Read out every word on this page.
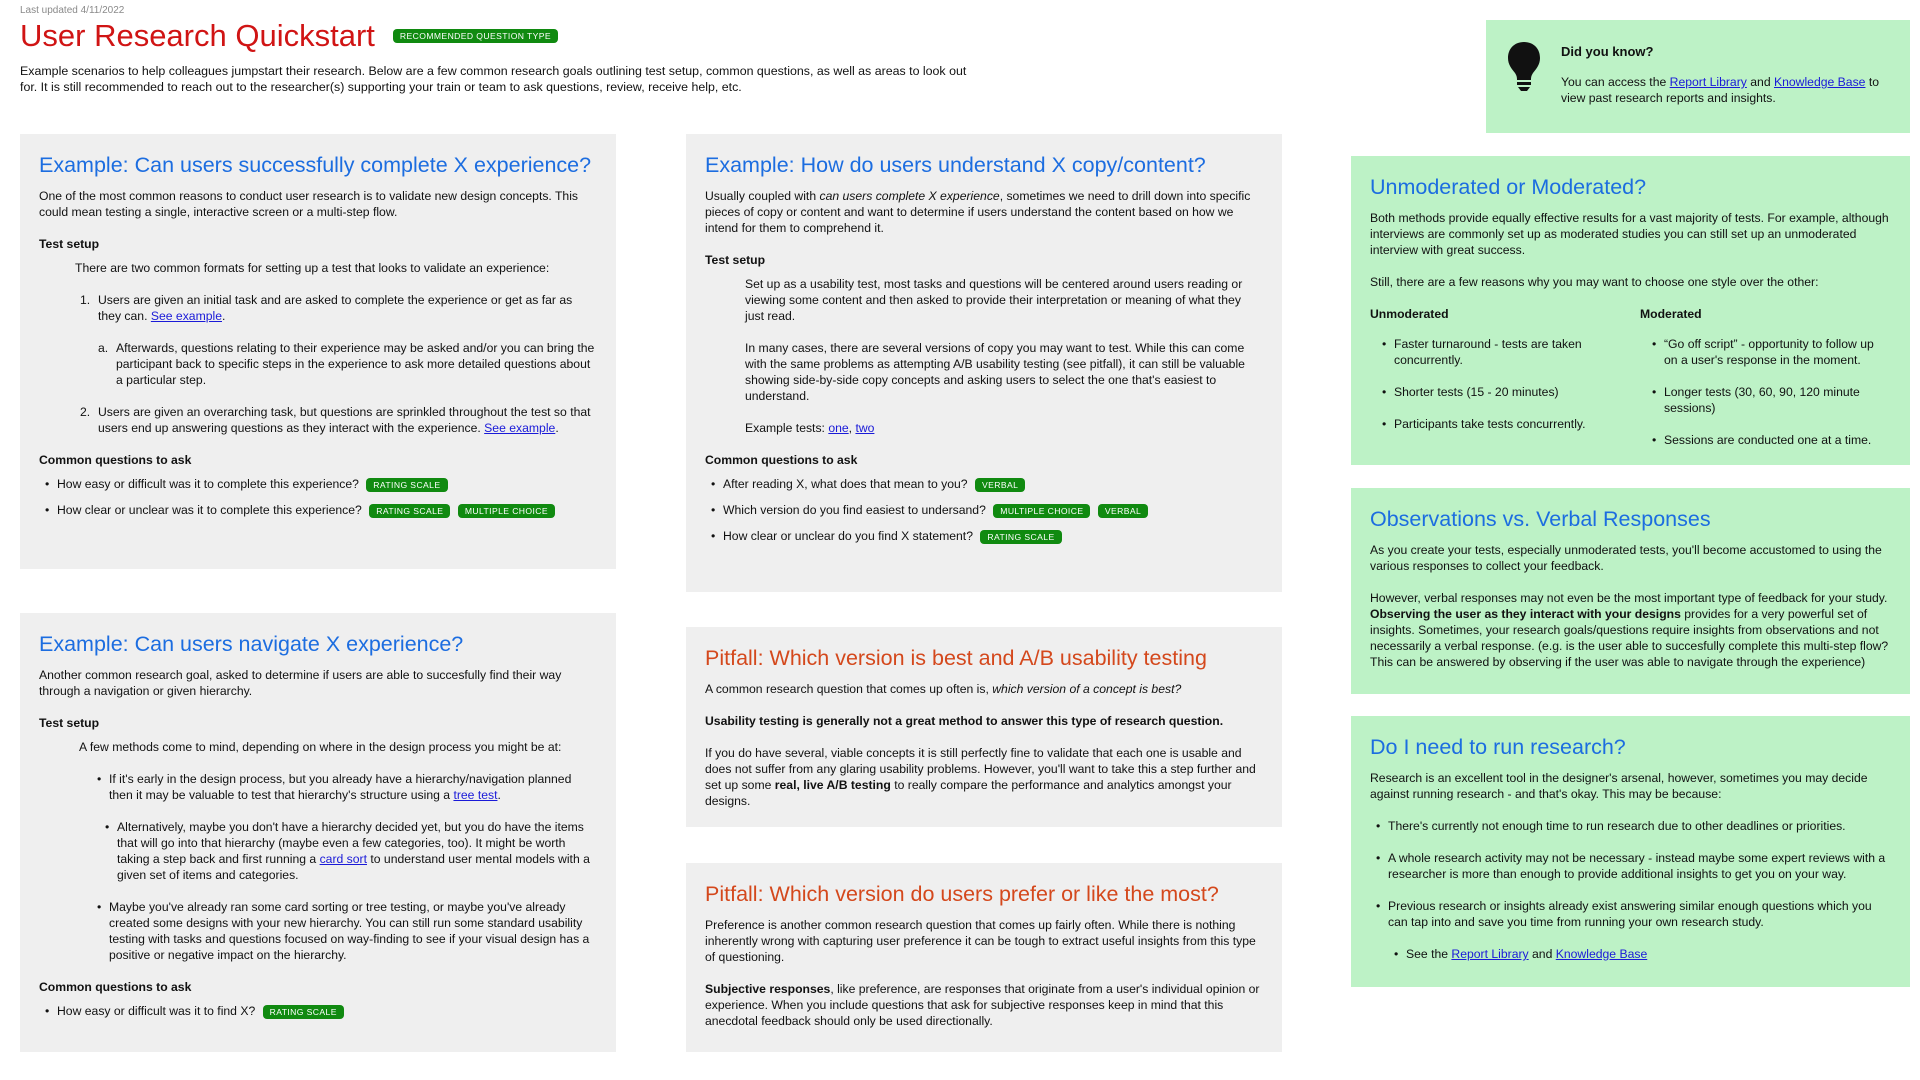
Last updated 4/11/2022
User Research Quickstart	RECOMMENDED QUESTION TYPE
Example scenarios to help colleagues jumpstart their research. Below are a few common research goals outlining test setup, common questions, as well as areas to look out for. It is still recommended to reach out to the researcher(s) supporting your train or team to ask questions, review, receive help, etc.
Did you know?
You can access the Report Library and Knowledge Base to view past research reports and insights.
Example: Can users successfully complete X experience?

One of the most common reasons to conduct user research is to validate new design concepts. This could mean testing a single, interactive screen or a multi-step flow.

Test setup

There are two common formats for setting up a test that looks to validate an experience:

1. Users are given an initial task and are asked to complete the experience or get as far as they can. See example.
a. Afterwards, questions relating to their experience may be asked and/or you can bring the participant back to specific steps in the experience to ask more detailed questions about a particular step.
2. Users are given an overarching task, but questions are sprinkled throughout the test so that users end up answering questions as they interact with the experience. See example.
Common questions to ask
• How easy or difficult was it to complete this experience? RATING SCALE
• How clear or unclear was it to complete this experience? RATING SCALE MULTIPLE CHOICE
Example: Can users navigate X experience?

Another common research goal, asked to determine if users are able to succesfully find their way through a navigation or given hierarchy.

Test setup

A few methods come to mind, depending on where in the design process you might be at:

• If it's early in the design process, but you already have a hierarchy/navigation planned then it may be valuable to test that hierarchy's structure using a tree test.
• Alternatively, maybe you don't have a hierarchy decided yet, but you do have the items that will go into that hierarchy (maybe even a few categories, too). It might be worth taking a step back and first running a card sort to understand user mental models with a given set of items and categories.
• Maybe you've already ran some card sorting or tree testing, or maybe you've already created some designs with your new hierarchy. You can still run some standard usability testing with tasks and questions focused on way-finding to see if your visual design has a positive or negative impact on the hierarchy.
Common questions to ask
• How easy or difficult was it to find X? RATING SCALE
Example: How do users understand X copy/content?

Usually coupled with can users complete X experience, sometimes we need to drill down into specific pieces of copy or content and want to determine if users understand the content based on how we intend for them to comprehend it.

Test setup

Set up as a usability test, most tasks and questions will be centered around users reading or viewing some content and then asked to provide their interpretation or meaning of what they just read.

In many cases, there are several versions of copy you may want to test. While this can come with the same problems as attempting A/B usability testing (see pitfall), it can still be valuable showing side-by-side copy concepts and asking users to select the one that's easiest to understand.

Example tests: one, two

Common questions to ask
• After reading X, what does that mean to you? VERBAL
• Which version do you find easiest to undersand? MULTIPLE CHOICE VERBAL
• How clear or unclear do you find X statement? RATING SCALE
Pitfall: Which version is best and A/B usability testing

A common research question that comes up often is, which version of a concept is best?

Usability testing is generally not a great method to answer this type of research question.

If you do have several, viable concepts it is still perfectly fine to validate that each one is usable and does not suffer from any glaring usability problems. However, you'll want to take this a step further and set up some real, live A/B testing to really compare the performance and analytics amongst your designs.

Pitfall: Which version do users prefer or like the most?

Preference is another common research question that comes up fairly often. While there is nothing inherently wrong with capturing user preference it can be tough to extract useful insights from this type of questioning.

Subjective responses, like preference, are responses that originate from a user's individual opinion or experience. When you include questions that ask for subjective responses keep in mind that this anecdotal feedback should only be used directionally.

Unmoderated or Moderated?

Both methods provide equally effective results for a vast majority of tests. For example, although interviews are commonly set up as moderated studies you can still set up an unmoderated interview with great success.

Still, there are a few reasons why you may want to choose one style over the other:

Unmoderated
• Faster turnaround - tests are taken concurrently.
• Shorter tests (15 - 20 minutes)
• Participants take tests concurrently.
Moderated
• “Go off script” - opportunity to follow up on a user's response in the moment.
• Longer tests (30, 60, 90, 120 minute sessions)
• Sessions are conducted one at a time.
Observations vs. Verbal Responses

As you create your tests, especially unmoderated tests, you'll become accustomed to using the various responses to collect your feedback.

However, verbal responses may not even be the most important type of feedback for your study. Observing the user as they interact with your designs provides for a very powerful set of insights. Sometimes, your research goals/questions require insights from observations and not necessarily a verbal response. (e.g. is the user able to succesfully complete this multi-step flow? This can be answered by observing if the user was able to navigate through the experience)

Do I need to run research?

Research is an excellent tool in the designer's arsenal, however, sometimes you may decide against running research - and that's okay. This may be because:

• There's currently not enough time to run research due to other deadlines or priorities.
• A whole research activity may not be necessary - instead maybe some expert reviews with a researcher is more than enough to provide additional insights to get you on your way.
• Previous research or insights already exist answering similar enough questions which you can tap into and save you time from running your own research study.
• See the Report Library and Knowledge Base
